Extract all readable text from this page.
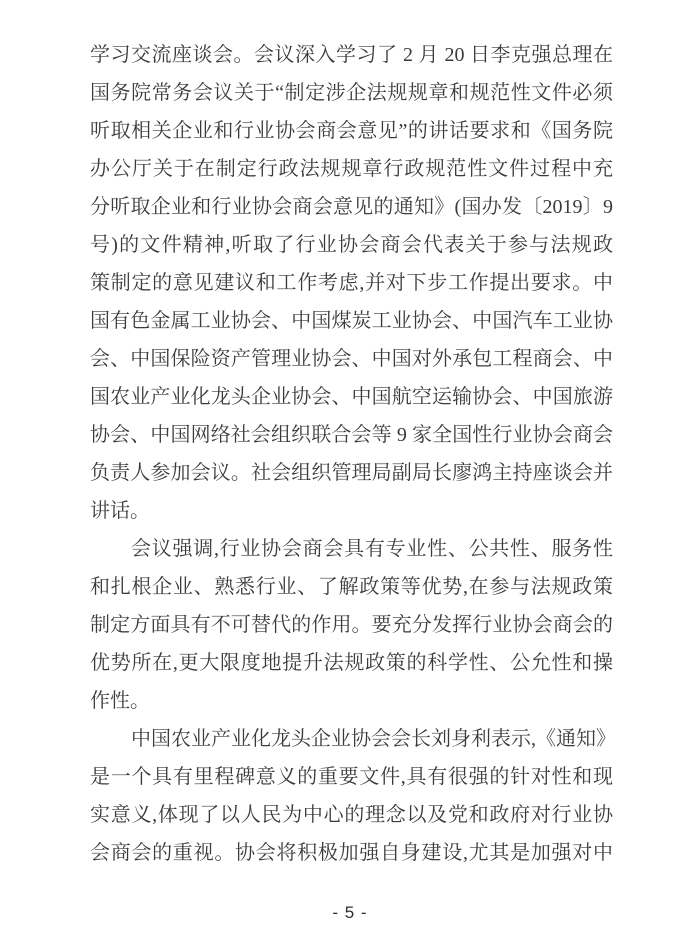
学习交流座谈会。会议深入学习了 2 月 20 日李克强总理在
国务院常务会议关于“制定涉企法规规章和规范性文件必须
听取相关企业和行业协会商会意见”的讲话要求和《国务院
办公厅关于在制定行政法规规章行政规范性文件过程中充
分听取企业和行业协会商会意见的通知》(国办发〔2019〕9
号)的文件精神,听取了行业协会商会代表关于参与法规政
策制定的意见建议和工作考虑,并对下步工作提出要求。中
国有色金属工业协会、中国煤炭工业协会、中国汽车工业协
会、中国保险资产管理业协会、中国对外承包工程商会、中
国农业产业化龙头企业协会、中国航空运输协会、中国旅游
协会、中国网络社会组织联合会等 9 家全国性行业协会商会
负责人参加会议。社会组织管理局副局长廖鸿主持座谈会并
讲话。
会议强调,行业协会商会具有专业性、公共性、服务性
和扎根企业、熟悉行业、了解政策等优势,在参与法规政策
制定方面具有不可替代的作用。要充分发挥行业协会商会的
优势所在,更大限度地提升法规政策的科学性、公允性和操
作性。
中国农业产业化龙头企业协会会长刘身利表示,《通知》
是一个具有里程碑意义的重要文件,具有很强的针对性和现
实意义,体现了以人民为中心的理念以及党和政府对行业协
会商会的重视。协会将积极加强自身建设,尤其是加强对中
- 5 -
